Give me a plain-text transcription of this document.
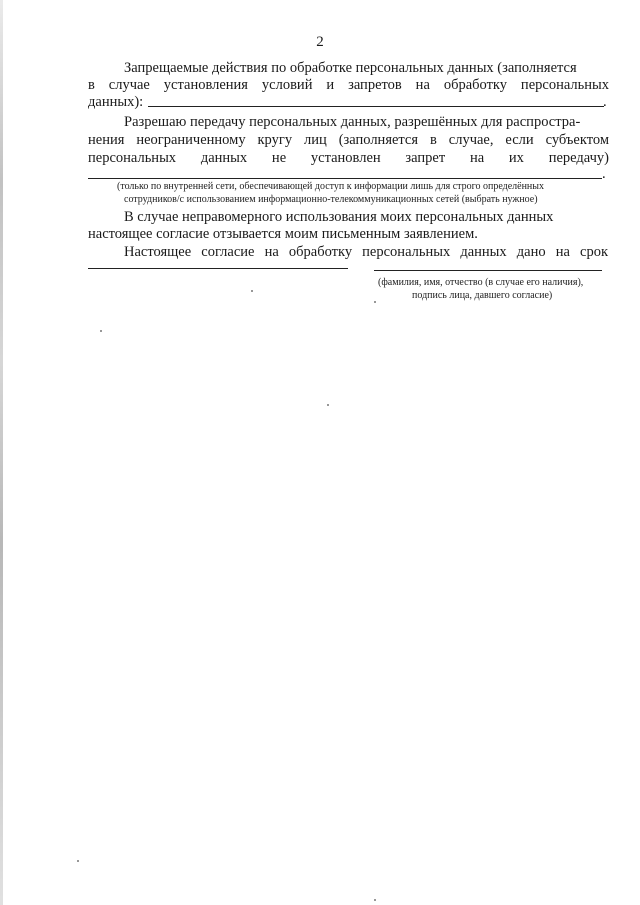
2
Запрещаемые действия по обработке персональных данных (заполняется
в случае установления условий и запретов на обработку персональных
данных):	.
Разрешаю передачу персональных данных, разрешённых для распростра-
нения неограниченному кругу лиц (заполняется в случае, если субъектом
персональных данных не установлен запрет на их передачу)
.
(только по внутренней сети, обеспечивающей доступ к информации лишь для строго определённых
сотрудников/с использованием информационно-телекоммуникационных сетей (выбрать нужное)
В случае неправомерного использования моих персональных данных
настоящее согласие отзывается моим письменным заявлением.
Настоящее согласие на обработку персональных данных дано на срок
(фамилия, имя, отчество (в случае его наличия),
подпись лица, давшего согласие)
